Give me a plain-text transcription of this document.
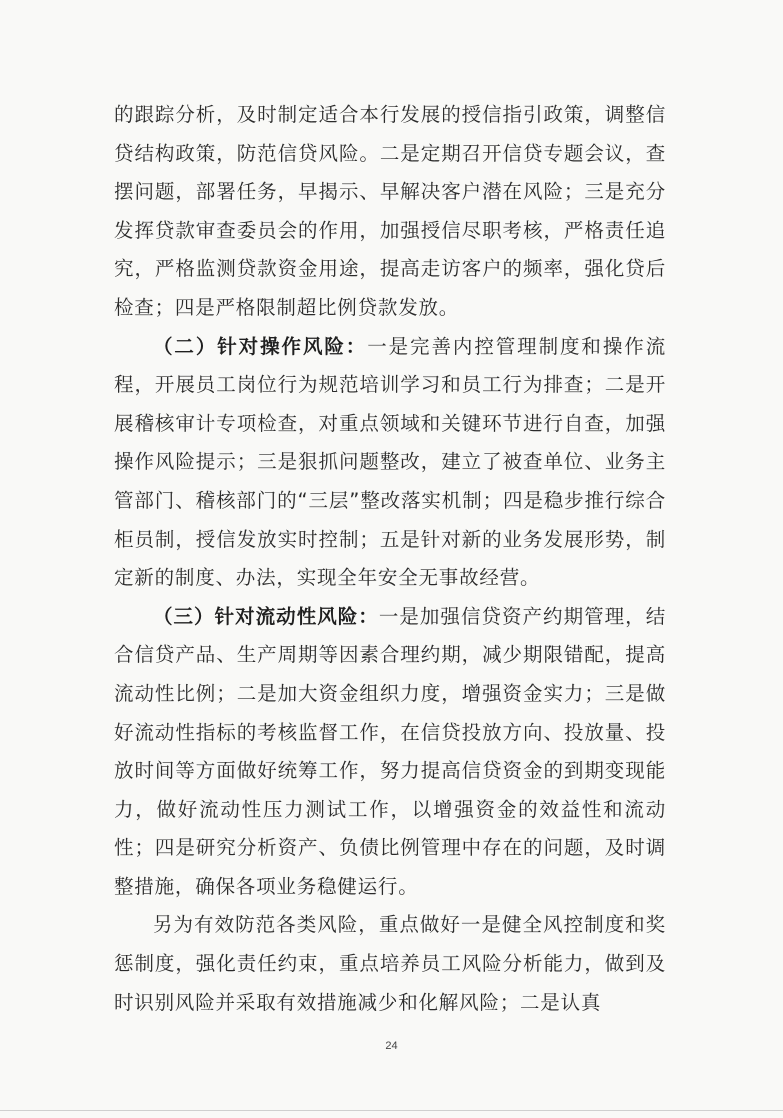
的跟踪分析，及时制定适合本行发展的授信指引政策，调整信贷结构政策，防范信贷风险。二是定期召开信贷专题会议，查摆问题，部署任务，早揭示、早解决客户潜在风险；三是充分发挥贷款审查委员会的作用，加强授信尽职考核，严格责任追究，严格监测贷款资金用途，提高走访客户的频率，强化贷后检查；四是严格限制超比例贷款发放。

（二）针对操作风险：一是完善内控管理制度和操作流程，开展员工岗位行为规范培训学习和员工行为排查；二是开展稽核审计专项检查，对重点领域和关键环节进行自查，加强操作风险提示；三是狠抓问题整改，建立了被查单位、业务主管部门、稽核部门的“三层”整改落实机制；四是稳步推行综合柜员制，授信发放实时控制；五是针对新的业务发展形势，制定新的制度、办法，实现全年安全无事故经营。

（三）针对流动性风险：一是加强信贷资产约期管理，结合信贷产品、生产周期等因素合理约期，减少期限错配，提高流动性比例；二是加大资金组织力度，增强资金实力；三是做好流动性指标的考核监督工作，在信贷投放方向、投放量、投放时间等方面做好统筹工作，努力提高信贷资金的到期变现能力，做好流动性压力测试工作，以增强资金的效益性和流动性；四是研究分析资产、负债比例管理中存在的问题，及时调整措施，确保各项业务稳健运行。

另为有效防范各类风险，重点做好一是健全风控制度和奖惩制度，强化责任约束，重点培养员工风险分析能力，做到及时识别风险并采取有效措施减少和化解风险；二是认真

24
